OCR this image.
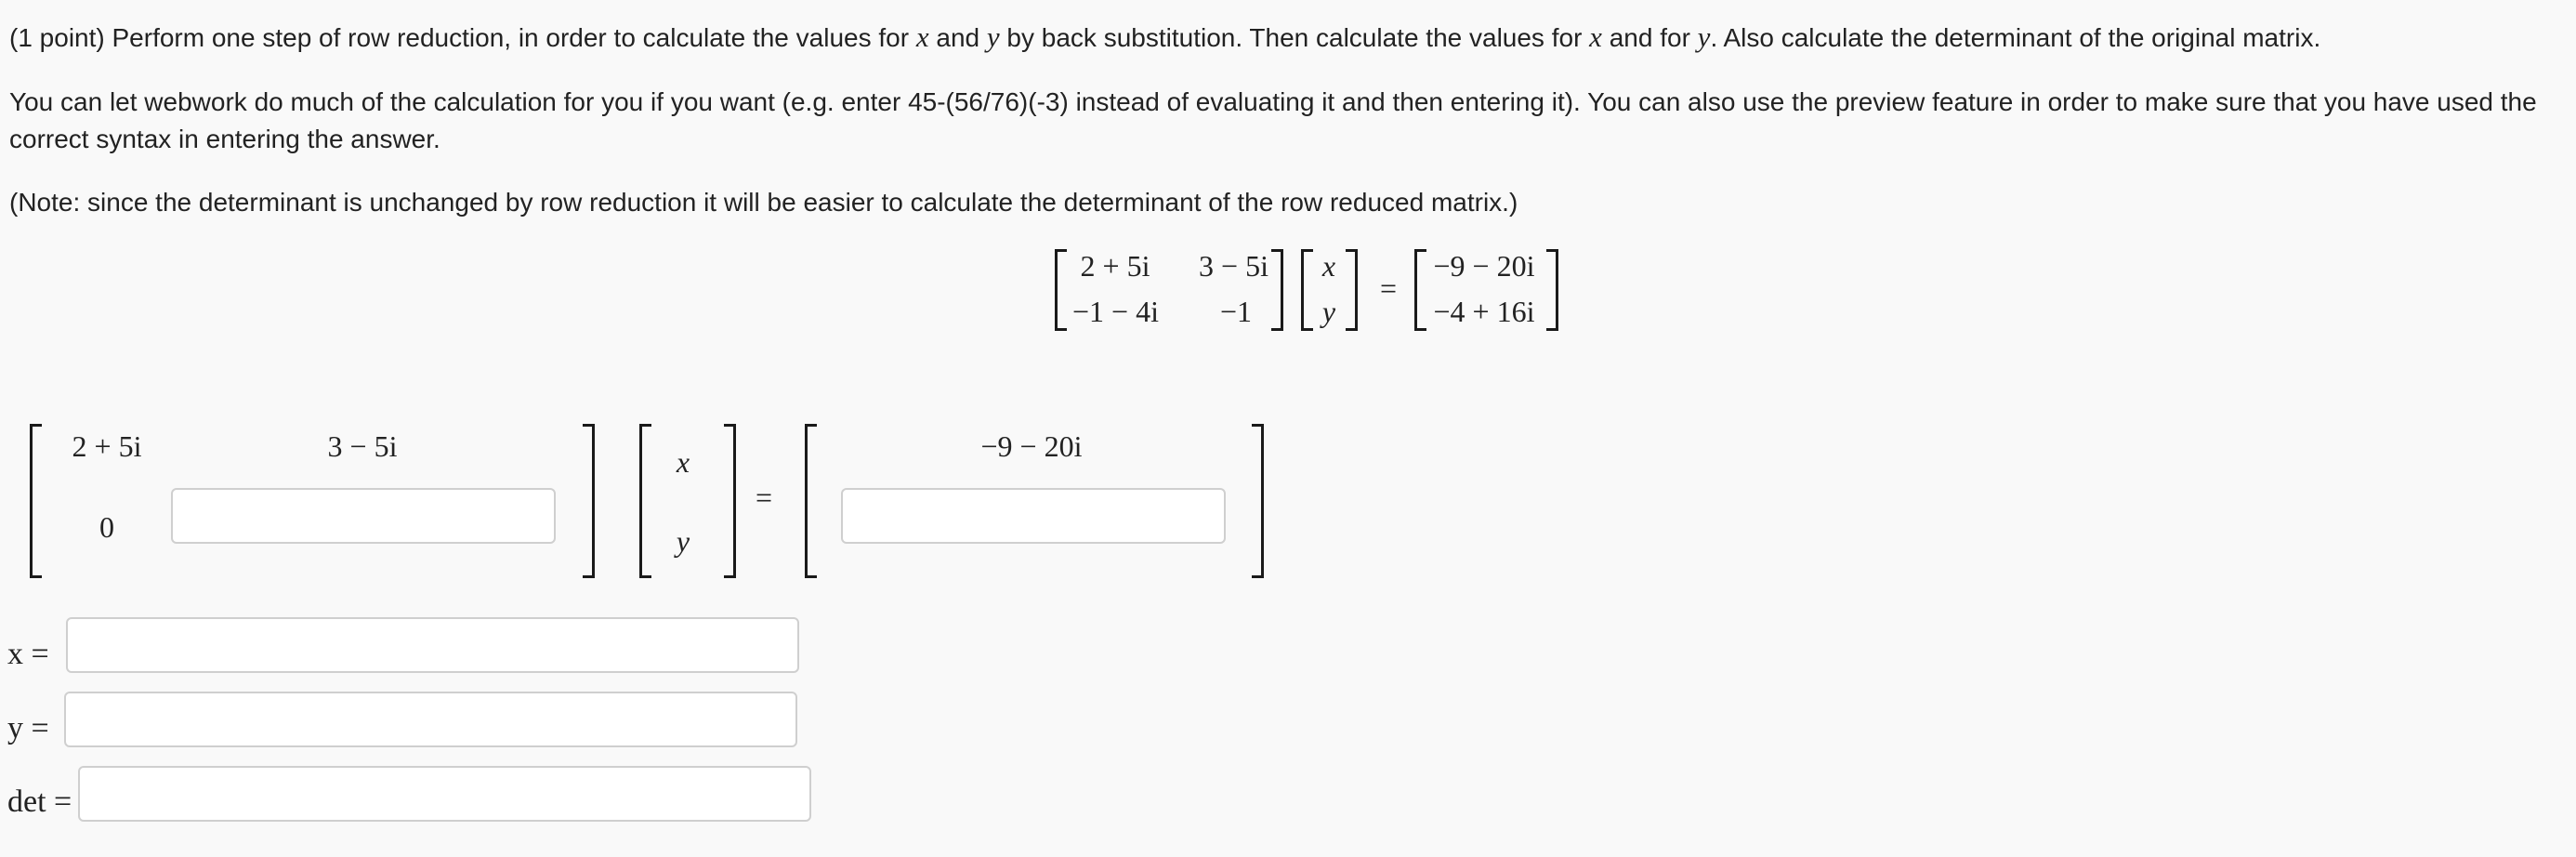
(1 point) Perform one step of row reduction, in order to calculate the values for x and y by back substitution. Then calculate the values for x and for y. Also calculate the determinant of the original matrix.

You can let webwork do much of the calculation for you if you want (e.g. enter 45-(56/76)(-3) instead of evaluating it and then entering it). You can also use the preview feature in order to make sure that you have used the correct syntax in entering the answer.

(Note: since the determinant is unchanged by row reduction it will be easier to calculate the determinant of the row reduced matrix.)

2 + 5i	3 − 5i
−1 − 4i	−1
x
y
=
−9 − 20i
−4 + 16i
2 + 5i	3 − 5i
0
x
y
=
−9 − 20i
x =
y =
det =
